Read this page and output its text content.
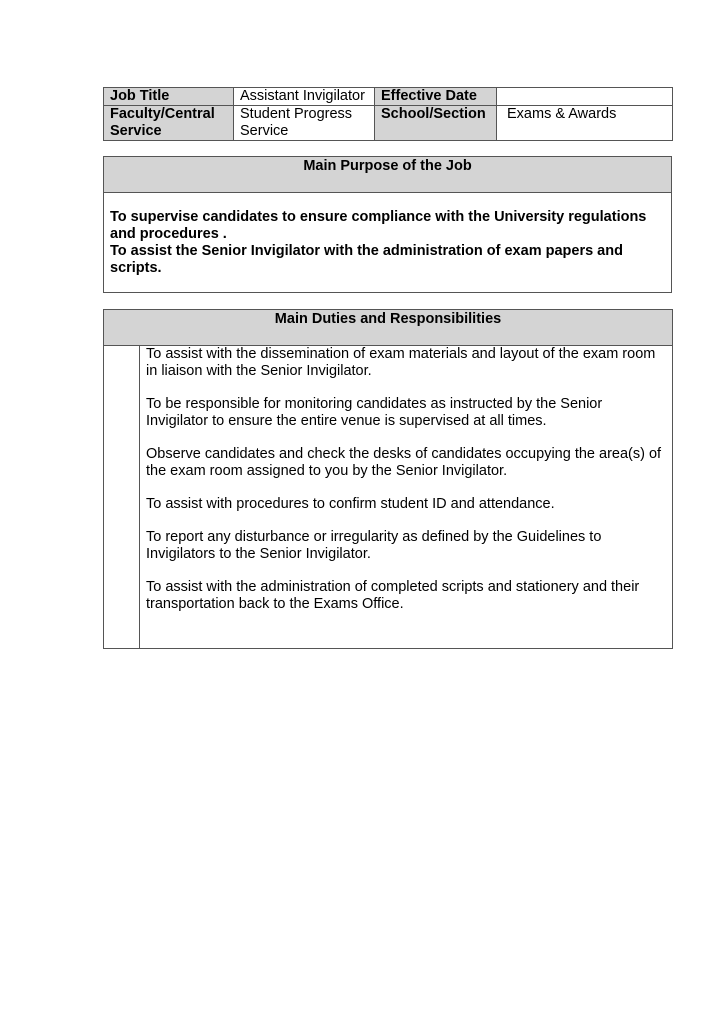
Job Title	Assistant Invigilator	Effective Date	
Faculty/Central Service	Student Progress Service	School/Section	Exams & Awards
Main Purpose of the Job

To supervise candidates to ensure compliance with the University regulations and procedures .

To assist the Senior Invigilator with the administration of exam papers and scripts.

Main Duties and Responsibilities

To assist with the dissemination of exam materials and layout of the exam room in liaison with the Senior Invigilator.

To be responsible for monitoring candidates as instructed by the Senior Invigilator to ensure the entire venue is supervised at all times.

Observe candidates and check the desks of candidates occupying the area(s) of the exam room assigned to you by the Senior Invigilator.

To assist with procedures to confirm student ID and attendance.

To report any disturbance or irregularity as defined by the Guidelines to Invigilators to the Senior Invigilator.

To assist with the administration of completed scripts and stationery and their transportation back to the Exams Office.
